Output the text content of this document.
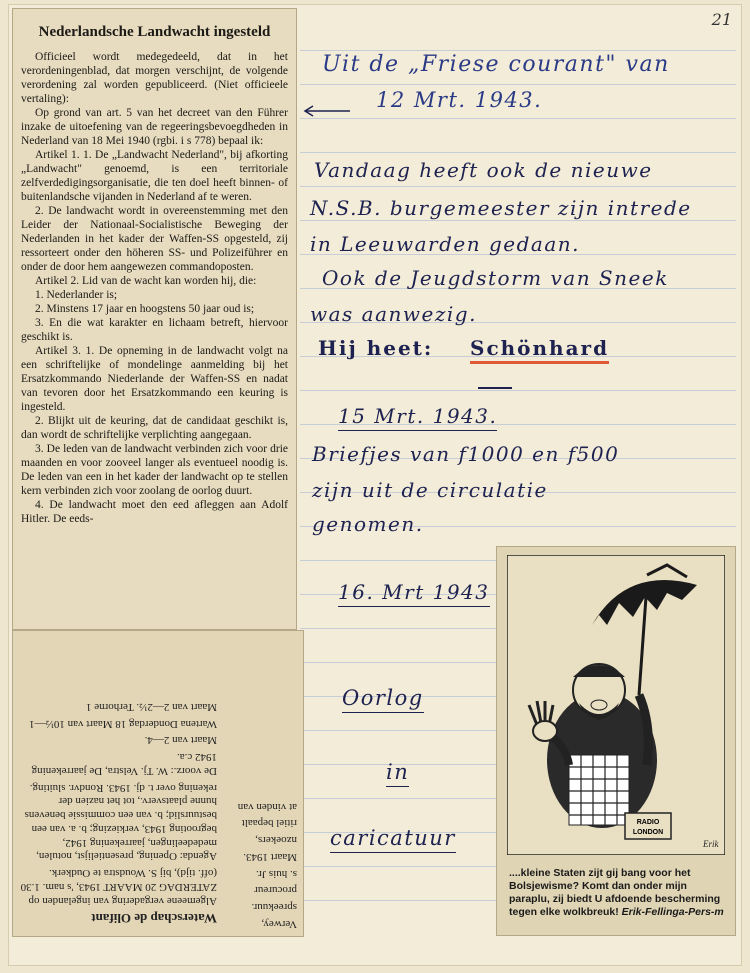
21
Nederlandsche Landwacht ingesteld

Officieel wordt medegedeeld, dat in het verordeningenblad, dat morgen verschijnt, de volgende verordening zal worden gepubliceerd. (Niet officieele vertaling):

Op grond van art. 5 van het decreet van den Führer inzake de uitoefening van de regeeringsbevoegdheden in Nederland van 18 Mei 1940 (rgbi. i s 778) bepaal ik:

Artikel 1. 1. De „Landwacht Nederland", bij afkorting „Landwacht" genoemd, is een territoriale zelfverdedigingsorganisatie, die ten doel heeft binnen- of buitenlandsche vijanden in Nederland af te weren.

2. De landwacht wordt in overeenstemming met den Leider der Nationaal-Socialistische Beweging der Nederlanden in het kader der Waffen-SS opgesteld, zij ressorteert onder den höheren SS- und Polizeiführer en onder de door hem aangewezen commandoposten.

Artikel 2. Lid van de wacht kan worden hij, die:

1. Nederlander is;

2. Minstens 17 jaar en hoogstens 50 jaar oud is;

3. En die wat karakter en lichaam betreft, hiervoor geschikt is.

Artikel 3. 1. De opneming in de landwacht volgt na een schriftelijke of mondelinge aanmelding bij het Ersatzkommando Niederlande der Waffen-SS en nadat van tevoren door het Ersatzkommando een keuring is ingesteld.

2. Blijkt uit de keuring, dat de candidaat geschikt is, dan wordt de schriftelijke verplichting aangegaan.

3. De leden van de landwacht verbinden zich voor drie maanden en voor zooveel langer als eventueel noodig is. De leden van een in het kader der landwacht op te stellen kern verbinden zich voor zoolang de oorlog duurt.

4. De landwacht moet den eed afleggen aan Adolf Hitler. De eeds-

Waterschap de Olifant
Algemeene vergadering van ingelanden op ZATERDAG 20 MAART 1943, 's nam. 1.30 (off. tijd), bij S. Woudstra te Oudkerk.
Agenda: Opening, presentielijst, notulen, mededeelingen, jaarrekening 1942, begrooting 1943, verkiezing; b. a. van een bestuurslid; b. van een commissie benevens hunne plaatsverv., tot het nazien der rekening over t. dj. 1943. Rondvr. sluiting.
De voorz.: W. Tj. Velstra, De jaarrekening 1942 c.a.
Maart van 2—4.
Wartena Donderdag 18 Maart van 10½—1
Maart van 2—2½. Terhorne 1
Verwey,
spreekuur.
procureur
s. huis Jr.
Maart 1943.
nzoekers,
ritiel bepaalt
at vinden van
Uit de „Friese courant" van
12 Mrt. 1943.
Vandaag heeft ook de nieuwe
N.S.B. burgemeester zijn intrede
in Leeuwarden gedaan.
Ook de Jeugdstorm van Sneek
was aanwezig.
Hij heet: Schönhard
15 Mrt. 1943.
Briefjes van f1000 en f500
zijn uit de circulatie
genomen.
16. Mrt 1943
Oorlog
in
caricatuur
RADIO
LONDON
Erik
....kleine Staten zijt gij bang voor het Bolsjewisme? Komt dan onder mijn paraplu, zij biedt U afdoende bescherming tegen elke wolkbreuk! Erik-Fellinga-Pers-m
